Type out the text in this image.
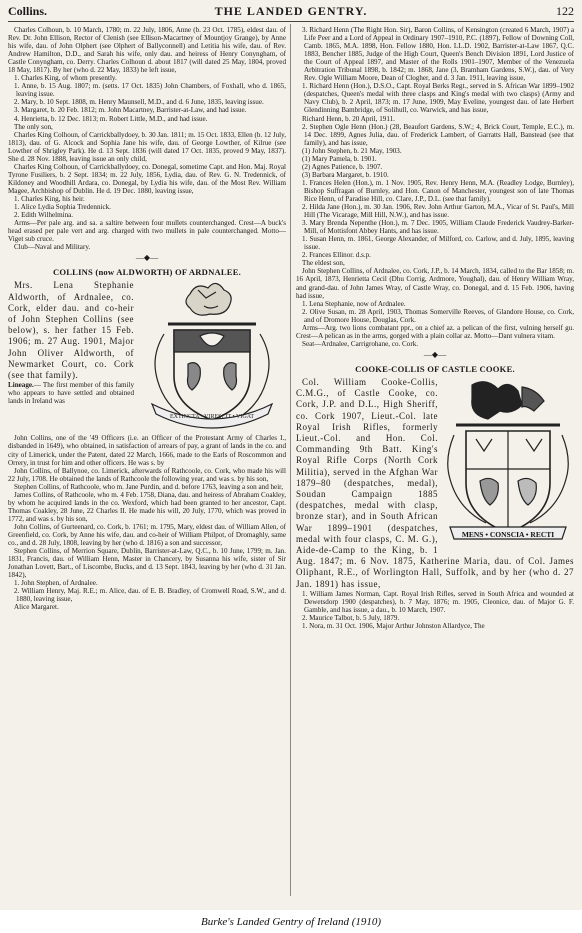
Collins.	THE LANDED GENTRY.	122

Charles Colhoun, b. 10 March, 1780; m. 22 July, 1806, Anne (b. 23 Oct. 1785), eldest dau. of Rev. Dr. John Ellison, Rector of Clenish (see Ellison-Macartney of Mountjoy Grange), by Anne his wife, dau. of John Olphert (see Olphert of Ballyconnell) and Letitia his wife, dau. of Rev. Andrew Hamilton, D.D., and Sarah his wife, only dau. and heiress of Henry Conyngham, of Castle Conyngham, co. Derry. Charles Colhoun d. about 1817 (will dated 25 May, 1804, proved 18 May, 1817). By her (who d. 22 May, 1833) he left issue,

1. Charles King, of whom presently.

1. Anne, b. 15 Aug. 1807; m. (setts. 17 Oct. 1835) John Chambers, of Foxhall, who d. 1865, leaving issue.

2. Mary, b. 10 Sept. 1808, m. Henry Maunsell, M.D., and d. 6 June, 1835, leaving issue.

3. Margaret, b. 20 Feb. 1812; m. John Macartney, Barrister-at-Law, and had issue.

4. Henrietta, b. 12 Dec. 1813; m. Robert Little, M.D., and had issue.

The only son,

Charles King Colhoun, of Carrickballydoey, b. 30 Jan. 1811; m. 15 Oct. 1833, Ellen (b. 12 July, 1813), dau. of G. Alcock and Sophia Jane his wife, dau. of George Lowther, of Kilrue (see Lowther of Shrigley Park). He d. 13 Sept. 1836 (will dated 17 Oct. 1835, proved 9 May, 1837). She d. 28 Nov. 1888, leaving issue an only child,

Charles King Colhoun, of Carrickballydoey, co. Donegal, sometime Capt. and Hon. Maj. Royal Tyrone Fusiliers, b. 2 Sept. 1834; m. 22 July, 1856, Lydia, dau. of Rev. G. N. Tredennick, of Kildoney and Woodhill Ardara, co. Donegal, by Lydia his wife, dau. of the Most Rev. William Magee, Archbishop of Dublin. He d. 19 Dec. 1880, leaving issue,

1. Charles King, his heir.

1. Alice Lydia Sophia Tredennick.

2. Edith Wilhelmina.

Arms—Per pale arg. and sa. a saltire between four mullets counterchanged. Crest—A buck's head erased per pale vert and arg. charged with two mullets in pale counterchanged. Motto—Viget sub cruce.

Club—Naval and Military.

—◆—
COLLINS (now ALDWORTH) OF ARDNALEE.
EXTINCTA • VIRESCIT • VIGAT

Mrs. Lena Stephanie Aldworth, of Ardnalee, co. Cork, elder dau. and co-heir of John Stephen Collins (see below), s. her father 15 Feb. 1906; m. 27 Aug. 1901, Major John Oliver Aldworth, of Newmarket Court, co. Cork (see that family).

Lineage.— The first member of this family who appears to have settled and obtained lands in Ireland was

John Collins, one of the '49 Officers (i.e. an Officer of the Protestant Army of Charles I., disbanded in 1649), who obtained, in satisfaction of arrears of pay, a grant of lands in the co. and city of Limerick, under the Patent, dated 22 March, 1666, made to the Earls of Roscommon and Orrery, in trust for him and other officers. He was s. by

John Collins, of Ballynoe, co. Limerick, afterwards of Rathcoole, co. Cork, who made his will 22 July, 1708. He obtained the lands of Rathcoole the following year, and was s. by his son,

Stephen Collins, of Rathcoole, who m. Jane Purdin, and d. before 1763, leaving a son and heir,

James Collins, of Rathcoole, who m. 4 Feb. 1758, Diana, dau. and heiress of Abraham Coakley, by whom he acquired lands in the co. Wexford, which had been granted to her ancestor, Capt. Thomas Coakley, 28 June, 22 Charles II. He made his will, 20 July, 1770, which was proved in 1772, and was s. by his son,

John Collins, of Gurteenard, co. Cork, b. 1761; m. 1795, Mary, eldest dau. of William Allen, of Greenfield, co. Cork, by Anne his wife, dau. and co-heir of William Philpot, of Dromaghly, same co., and d. 28 July, 1808, leaving by her (who d. 1816) a son and successor,

Stephen Collins, of Merrion Square, Dublin, Barrister-at-Law, Q.C., b. 10 June, 1799; m. Jan. 1831, Francis, dau. of William Henn, Master in Chancery, by Susanna his wife, sister of Sir Jonathan Lovett, Bart., of Liscombe, Bucks, and d. 13 Sept. 1843, leaving by her (who d. 31 Jan. 1842),

1. John Stephen, of Ardnalee.

2. William Henry, Maj. R.E.; m. Alice, dau. of E. B. Bradley, of Cromwell Road, S.W., and d. 1880, leaving issue,

Alice Margaret.

3. Richard Henn (The Right Hon. Sir), Baron Collins, of Kensington (created 6 March, 1907) a Life Peer and a Lord of Appeal in Ordinary 1907–1910, P.C. (1897), Fellow of Downing Coll, Camb. 1865, M.A. 1898, Hon. Fellow 1880, Hon. LL.D. 1902, Barrister-at-Law 1867, Q.C. 1883, Bencher 1885, Judge of the High Court, Queen's Bench Division 1891, Lord Justice of the Court of Appeal 1897, and Master of the Rolls 1901–1907, Member of the Venezuela Arbitration Tribunal 1898, b. 1842; m. 1868, Jane (3, Bramham Gardens, S.W.), dau. of Very Rev. Ogle William Moore, Dean of Clogher, and d. 3 Jan. 1911, leaving issue,

1. Richard Henn (Hon.), D.S.O., Capt. Royal Berks Regt., served in S. African War 1899–1902 (despatches, Queen's medal with three clasps and King's medal with two clasps) (Army and Navy Club), b. 2 April, 1873; m. 17 June, 1909, May Eveline, youngest dau. of late Herbert Glendinning Bambridge, of Solihull, co. Warwick, and has issue,

Richard Henn, b. 20 April, 1911.

2. Stephen Ogle Henn (Hon.) (28, Beaufort Gardens, S.W.; 4, Brick Court, Temple, E.C.), m. 14 Dec. 1899, Agnes Julia, dau. of Frederick Lambert, of Garratts Hall, Banstead (see that family), and has issue,

(1) John Stephen, b. 21 May, 1903.

(1) Mary Pamela, b. 1901.

(2) Agnes Patience, b. 1907.

(3) Barbara Margaret, b. 1910.

1. Frances Helen (Hon.), m. 1 Nov. 1905, Rev. Henry Henn, M.A. (Readley Lodge, Burnley), Bishop Suffragan of Burnley, and Hon. Canon of Manchester, youngest son of late Thomas Rice Henn, of Paradise Hill, co. Clare, J.P., D.L. (see that family).

2. Hilda Jane (Hon.), m. 30 Jan. 1906, Rev. John Arthur Garton, M.A., Vicar of St. Paul's, Mill Hill (The Vicarage, Mill Hill, N.W.), and has issue.

3. Mary Brenda Nepenthe (Hon.), m. 7 Dec. 1905, William Claude Frederick Vaudrey-Barker-Mill, of Mottisfont Abbey Hants, and has issue.

1. Susan Henn, m. 1861, George Alexander, of Milford, co. Carlow, and d. July, 1895, leaving issue.

2. Frances Ellinor. d.s.p.

The eldest son,

John Stephen Collins, of Ardnalee, co. Cork, J.P., b. 14 March, 1834, called to the Bar 1858; m. 16 April, 1873, Henrietta Cecil (Dhu Corrig, Ardmore, Youghal), dau. of Henry William Wray, and grand-dau. of John James Wray, of Castle Wray, co. Donegal, and d. 15 Feb. 1906, having had issue,

1. Lena Stephanie, now of Ardnalee.

2. Olive Susan, m. 28 April, 1903, Thomas Somerville Reeves, of Glandore House, co. Cork, and of Dromore House, Douglas, Cork.

Arms—Arg. two lions combatant ppr., on a chief az. a pelican of the first, vulning herself gu. Crest—A pelican as in the arms, gorged with a plain collar az. Motto—Dant vulnera vitam.

Seat—Ardnalee, Carrigrohane, co. Cork.

—◆—
COOKE-COLLIS OF CASTLE COOKE.
MENS • CONSCIA • RECTI

Col. William Cooke-Collis, C.M.G., of Castle Cooke, co. Cork, J.P. and D.L., High Sheriff, co. Cork 1907, Lieut.-Col. late Royal Irish Rifles, formerly Lieut.-Col. and Hon. Col. Commanding 9th Batt. King's Royal Rifle Corps (North Cork Militia), served in the Afghan War 1879–80 (despatches, medal), Soudan Campaign 1885 (despatches, medal with clasp, bronze star), and in South African War 1899–1901 (despatches, medal with four clasps, C. M. G.), Aide-de-Camp to the King, b. 1 Aug. 1847; m. 6 Nov. 1875, Katherine Maria, dau. of Col. James Oliphant, R.E., of Worlington Hall, Suffolk, and by her (who d. 27 Jan. 1891) has issue,

1. William James Norman, Capt. Royal Irish Rifles, served in South Africa and wounded at Dewetsdorp 1900 (despatches), b. 7 May, 1876; m. 1905, Cleonice, dau. of Major G. F. Gamble, and has issue, a dau., b. 10 March, 1907.

2. Maurice Talbot, b. 5 July, 1879.

1. Nora, m. 31 Oct. 1906, Major Arthur Johnston Allardyce, The

Burke's Landed Gentry of Ireland (1910)
